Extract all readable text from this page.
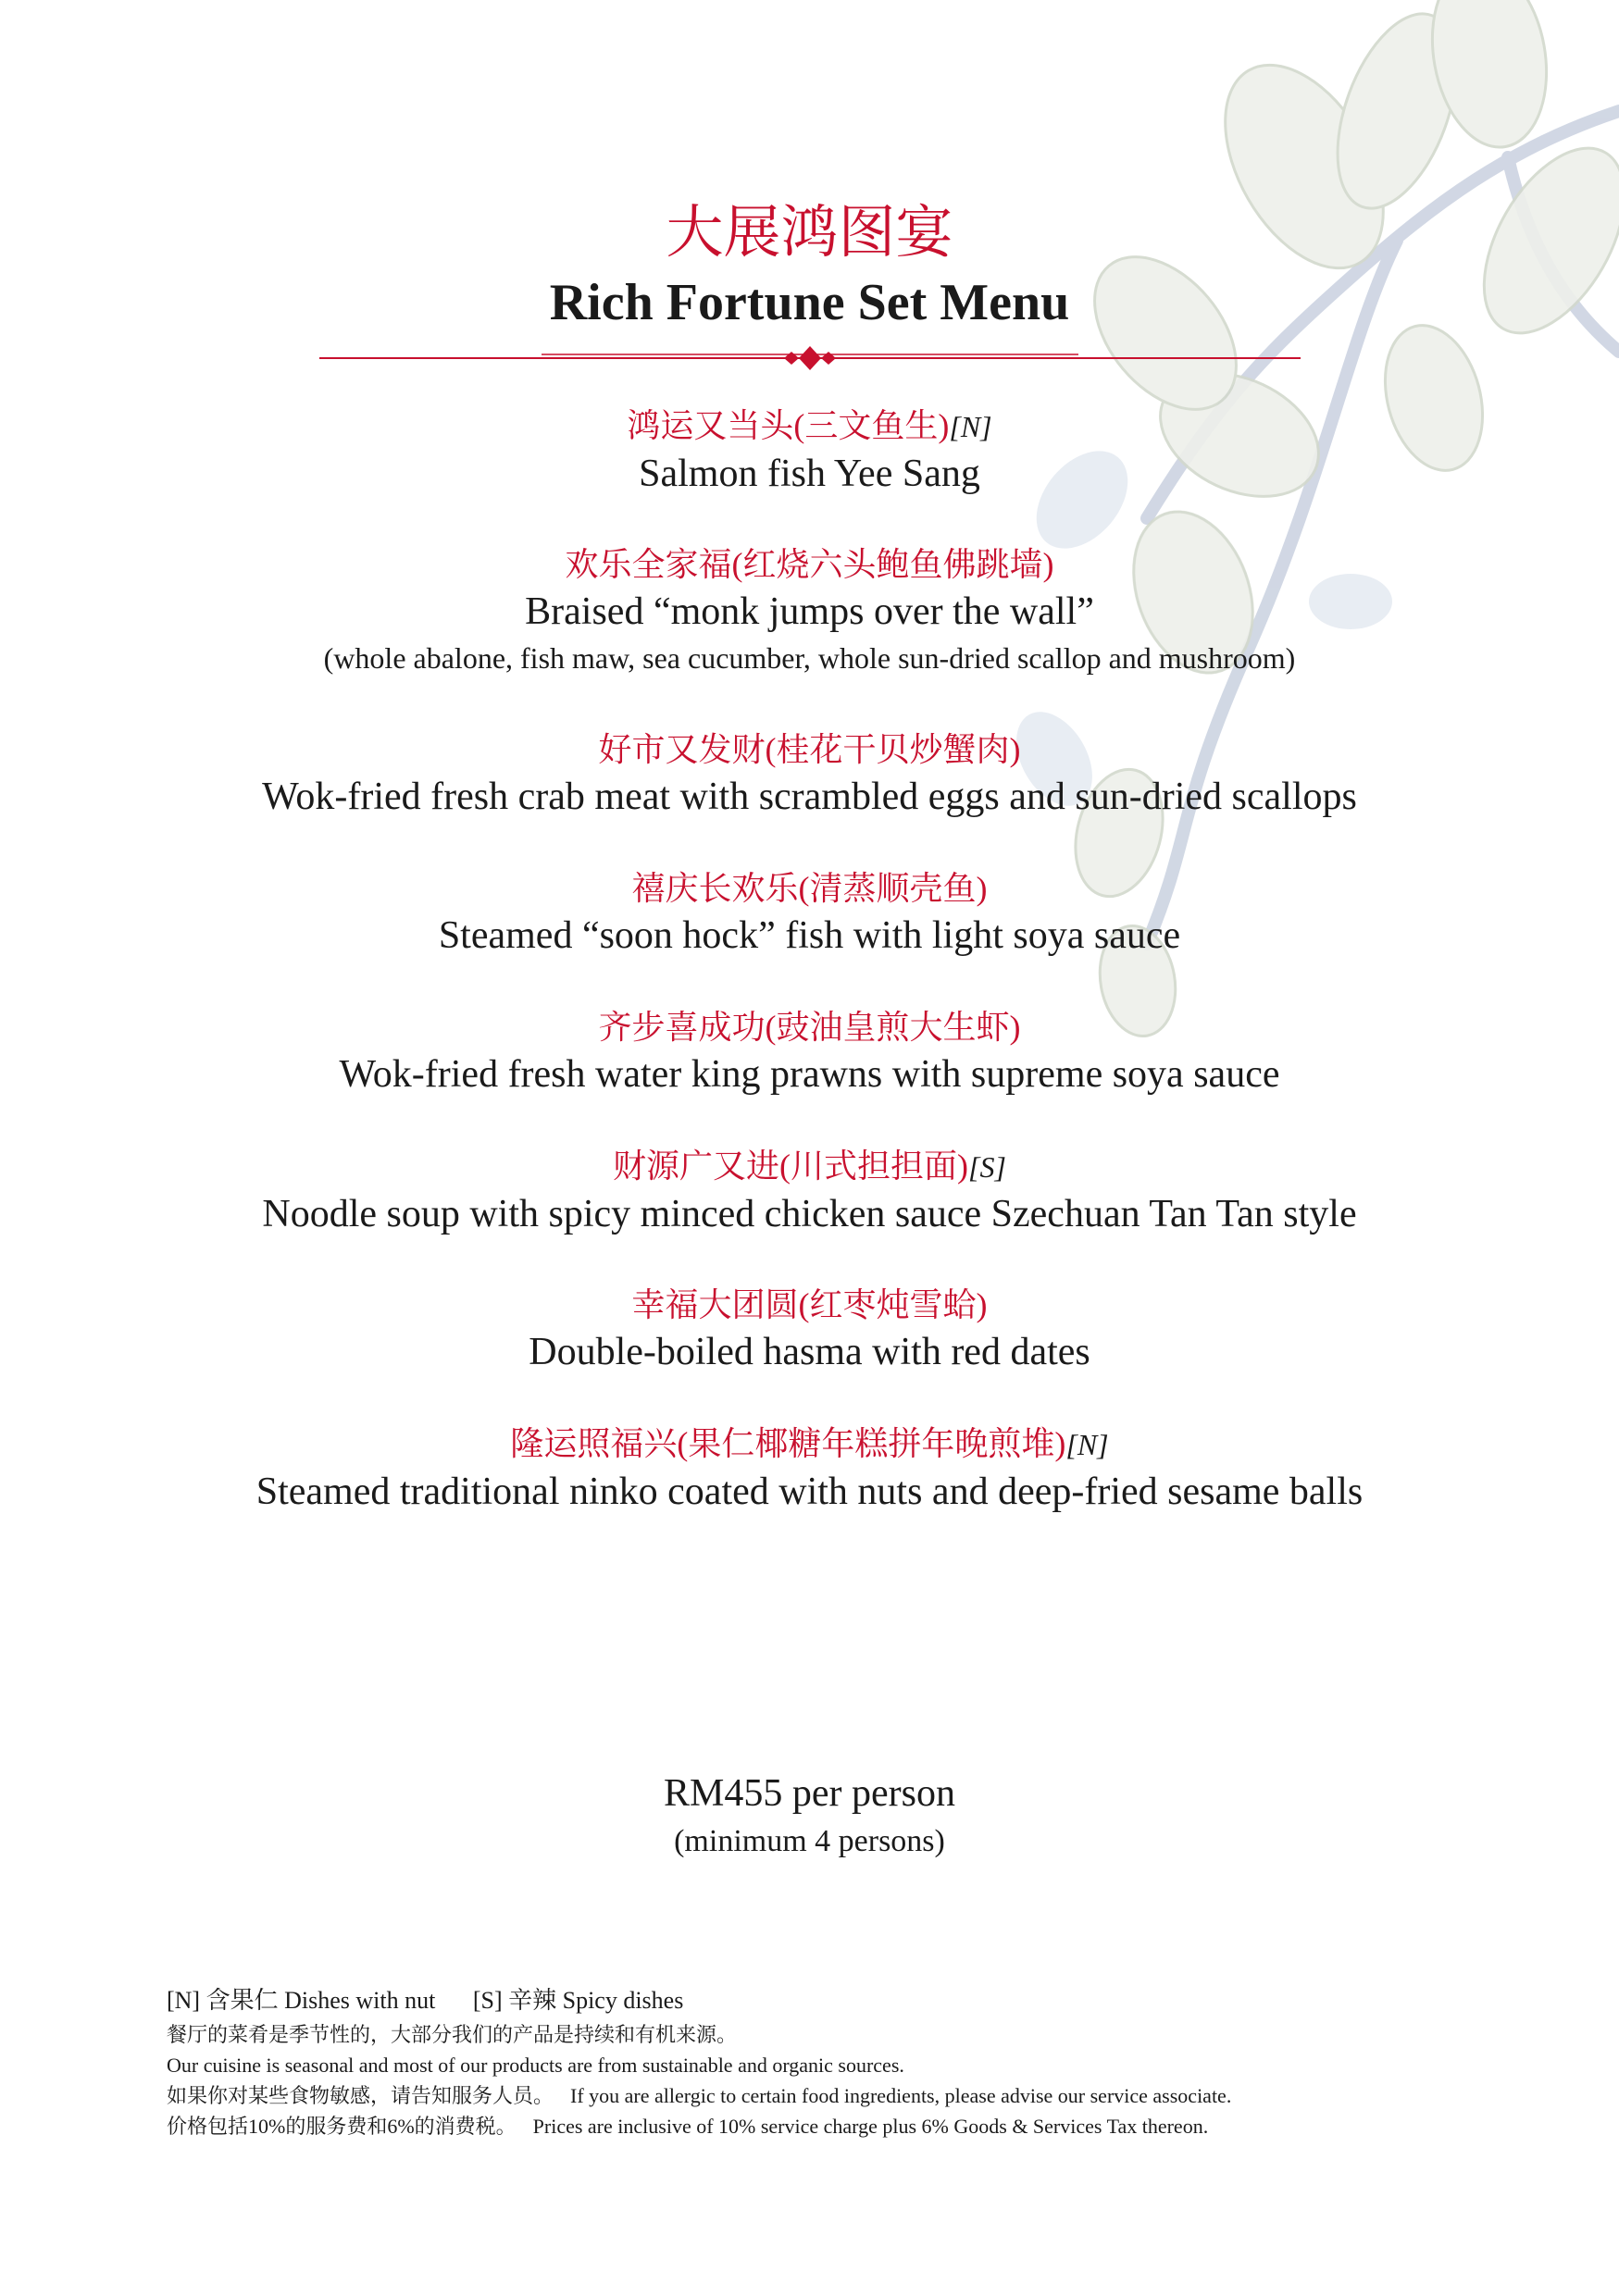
大展鸿图宴
Rich Fortune Set Menu
鸿运又当头(三文鱼生)[N]
Salmon fish Yee Sang
欢乐全家福(红烧六头鲍鱼佛跳墙)
Braised “monk jumps over the wall”
(whole abalone, fish maw, sea cucumber, whole sun-dried scallop and mushroom)
好市又发财(桂花干贝炒蟹肉)
Wok-fried fresh crab meat with scrambled eggs and sun-dried scallops
禧庆长欢乐(清蒸顺壳鱼)
Steamed “soon hock” fish with light soya sauce
齐步喜成功(豉油皇煎大生虾)
Wok-fried fresh water king prawns with supreme soya sauce
财源广又进(川式担担面)[S]
Noodle soup with spicy minced chicken sauce Szechuan Tan Tan style
幸福大团圆(红枣炖雪蛤)
Double-boiled hasma with red dates
隆运照福兴(果仁椰糖年糕拼年晚煎堆)[N]
Steamed traditional ninko coated with nuts and deep-fried sesame balls
RM455 per person
(minimum 4 persons)
[N] 含果仁 Dishes with nut [S] 辛辣 Spicy dishes
餐厅的菜肴是季节性的，大部分我们的产品是持续和有机来源。
Our cuisine is seasonal and most of our products are from sustainable and organic sources.
如果你对某些食物敏感，请告知服务人员。 If you are allergic to certain food ingredients, please advise our service associate.
价格包括10%的服务费和6%的消费税。 Prices are inclusive of 10% service charge plus 6% Goods & Services Tax thereon.
